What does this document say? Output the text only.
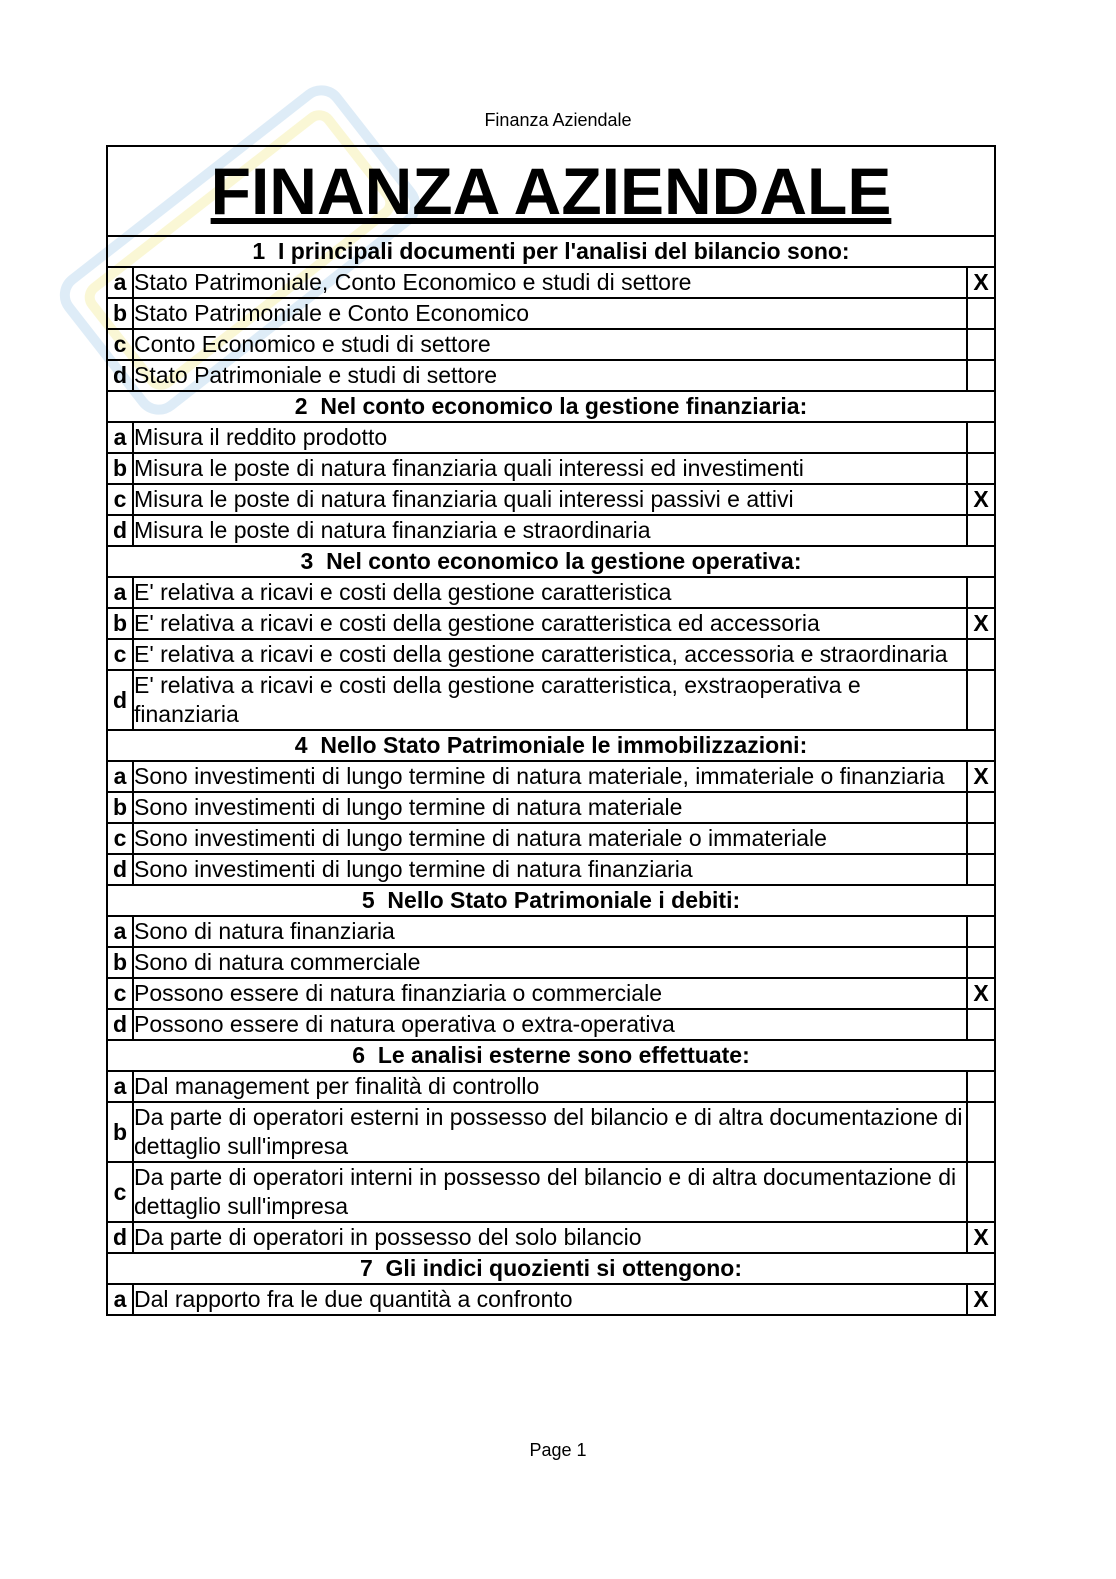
Finanza Aziendale
FINANZA AZIENDALE		
1 I principali documenti per l'analisi del bilancio sono:		
a	Stato Patrimoniale, Conto Economico e studi di settore	X
b	Stato Patrimoniale e Conto Economico	
c	Conto Economico e studi di settore	
d	Stato Patrimoniale e studi di settore	
2 Nel conto economico la gestione finanziaria:		
a	Misura il reddito prodotto	
b	Misura le poste di natura finanziaria quali interessi ed investimenti	
c	Misura le poste di natura finanziaria quali interessi passivi e attivi	X
d	Misura le poste di natura finanziaria e straordinaria	
3 Nel conto economico la gestione operativa:		
a	E' relativa a ricavi e costi della gestione caratteristica	
b	E' relativa a ricavi e costi della gestione caratteristica ed accessoria	X
c	E' relativa a ricavi e costi della gestione caratteristica, accessoria e straordinaria	
d	E' relativa a ricavi e costi della gestione caratteristica, exstraoperativa e finanziaria	
4 Nello Stato Patrimoniale le immobilizzazioni:		
a	Sono investimenti di lungo termine di natura materiale, immateriale o finanziaria	X
b	Sono investimenti di lungo termine di natura materiale	
c	Sono investimenti di lungo termine di natura materiale o immateriale	
d	Sono investimenti di lungo termine di natura finanziaria	
5 Nello Stato Patrimoniale i debiti:		
a	Sono di natura finanziaria	
b	Sono di natura commerciale	
c	Possono essere di natura finanziaria o commerciale	X
d	Possono essere di natura operativa o extra-operativa	
6 Le analisi esterne sono effettuate:		
a	Dal management per finalità di controllo	
b	Da parte di operatori esterni in possesso del bilancio e di altra documentazione di dettaglio sull'impresa	
c	Da parte di operatori interni in possesso del bilancio e di altra documentazione di dettaglio sull'impresa	
d	Da parte di operatori in possesso del solo bilancio	X
7 Gli indici quozienti si ottengono:		
a	Dal rapporto fra le due quantità a confronto	X
Page 1
